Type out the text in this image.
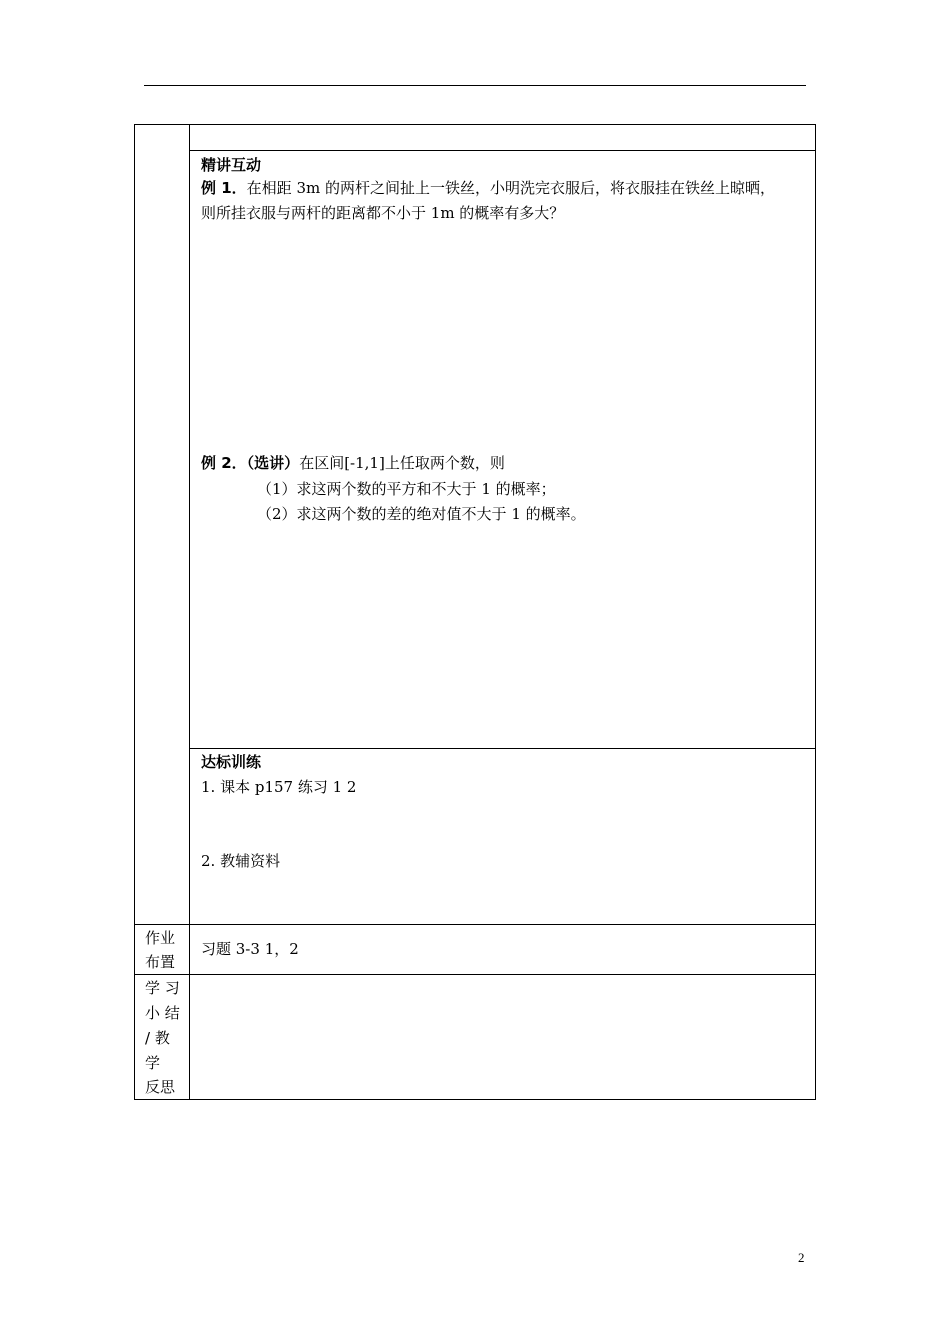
精讲互动
例 1．在相距 3m 的两杆之间扯上一铁丝，小明洗完衣服后，将衣服挂在铁丝上晾晒，
则所挂衣服与两杆的距离都不小于 1m 的概率有多大？
例 2．（选讲）在区间[-1,1]上任取两个数，则
（1）求这两个数的平方和不大于 1 的概率；
（2）求这两个数的差的绝对值不大于 1 的概率。
达标训练
1. 课本 p157 练习 1 2
2. 教辅资料
作业
布置
习题 3-3 1，2
学 习
小 结
/ 教
学
反思
2
